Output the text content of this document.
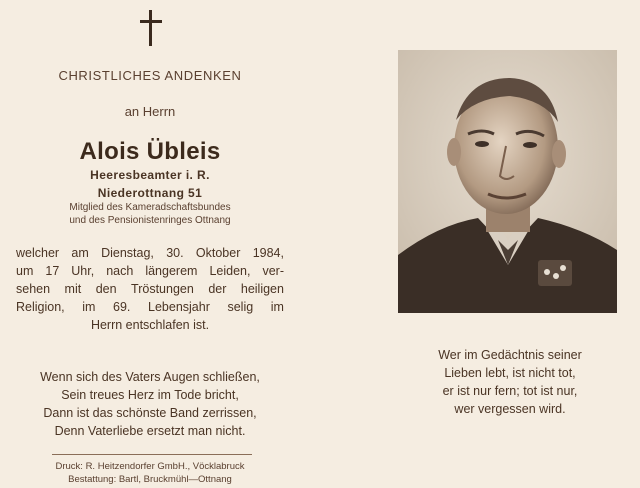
CHRISTLICHES ANDENKEN
an Herrn
Alois Übleis
Heeresbeamter i. R.
Niederottnang 51
Mitglied des Kameradschaftsbundes
und des Pensionistenringes Ottnang
welcher am Dienstag, 30. Oktober 1984,
um 17 Uhr, nach längerem Leiden, ver-
sehen mit den Tröstungen der heiligen
Religion, im 69. Lebensjahr selig im
Herrn entschlafen ist.
Wenn sich des Vaters Augen schließen,
Sein treues Herz im Tode bricht,
Dann ist das schönste Band zerrissen,
Denn Vaterliebe ersetzt man nicht.
Druck: R. Heitzendorfer GmbH., Vöcklabruck
Bestattung: Bartl, Bruckmühl—Ottnang
Wer im Gedächtnis seiner
Lieben lebt, ist nicht tot,
er ist nur fern; tot ist nur,
wer vergessen wird.
